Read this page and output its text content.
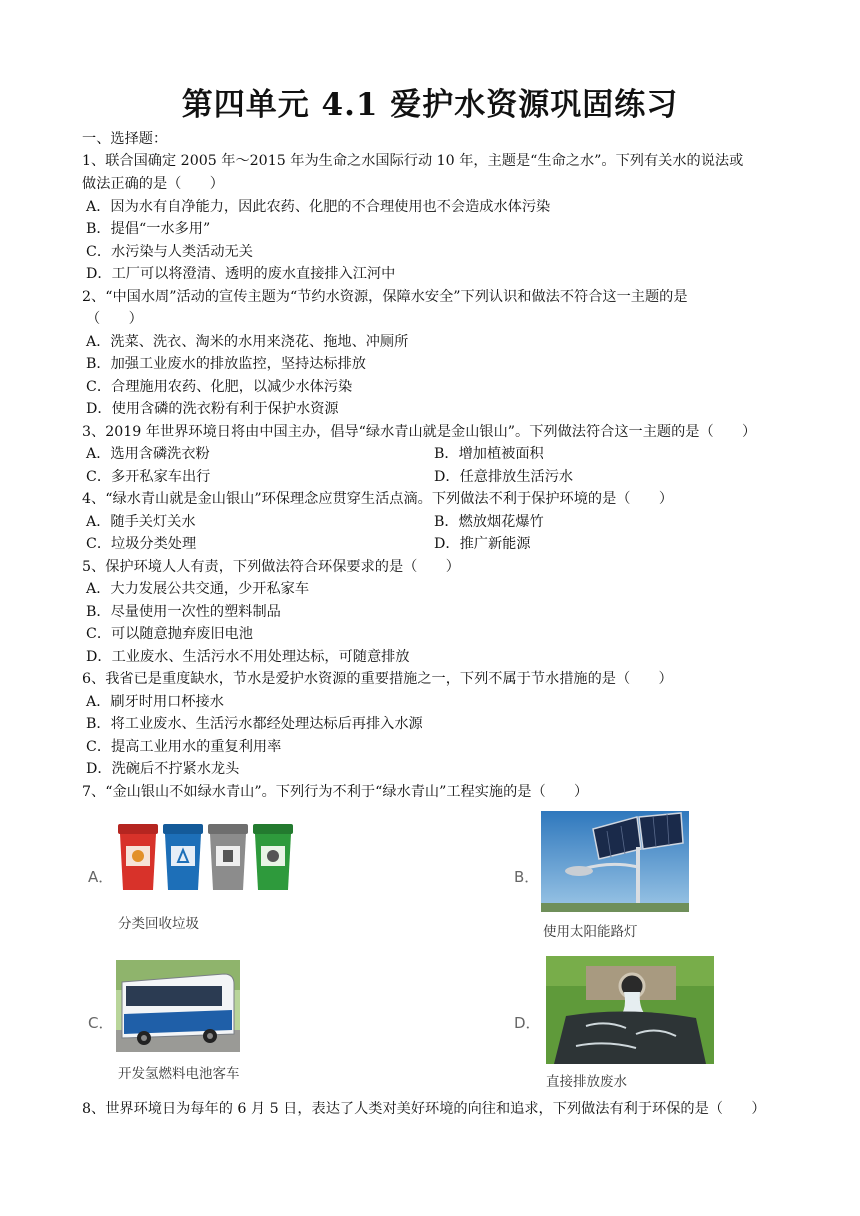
第四单元 4.1 爱护水资源巩固练习
一、选择题：
1、联合国确定 2005 年～2015 年为生命之水国际行动 10 年，主题是“生命之水”。下列有关水的说法或
做法正确的是（　　）
A．因为水有自净能力，因此农药、化肥的不合理使用也不会造成水体污染
B．提倡“一水多用”
C．水污染与人类活动无关
D．工厂可以将澄清、透明的废水直接排入江河中
2、“中国水周”活动的宣传主题为“节约水资源，保障水安全”下列认识和做法不符合这一主题的是
（　　）
A．洗菜、洗衣、淘米的水用来浇花、拖地、冲厕所
B．加强工业废水的排放监控，坚持达标排放
C．合理施用农药、化肥，以减少水体污染
D．使用含磷的洗衣粉有利于保护水资源
3、2019 年世界环境日将由中国主办，倡导“绿水青山就是金山银山”。下列做法符合这一主题的是（　　）
A．选用含磷洗衣粉	B．增加植被面积
C．多开私家车出行	D．任意排放生活污水
4、“绿水青山就是金山银山”环保理念应贯穿生活点滴。下列做法不利于保护环境的是（　　）
A．随手关灯关水	B．燃放烟花爆竹
C．垃圾分类处理	D．推广新能源
5、保护环境人人有责，下列做法符合环保要求的是（　　）
A．大力发展公共交通，少开私家车
B．尽量使用一次性的塑料制品
C．可以随意抛弃废旧电池
D．工业废水、生活污水不用处理达标，可随意排放
6、我省已是重度缺水，节水是爱护水资源的重要措施之一，下列不属于节水措施的是（　　）
A．刷牙时用口杯接水
B．将工业废水、生活污水都经处理达标后再排入水源
C．提高工业用水的重复利用率
D．洗碗后不拧紧水龙头
7、“金山银山不如绿水青山”。下列行为不利于“绿水青山”工程实施的是（　　）
A．
分类回收垃圾
B．
使用太阳能路灯
C．
开发氢燃料电池客车
D．
直接排放废水
8、世界环境日为每年的 6 月 5 日，表达了人类对美好环境的向往和追求，下列做法有利于环保的是（　　）
